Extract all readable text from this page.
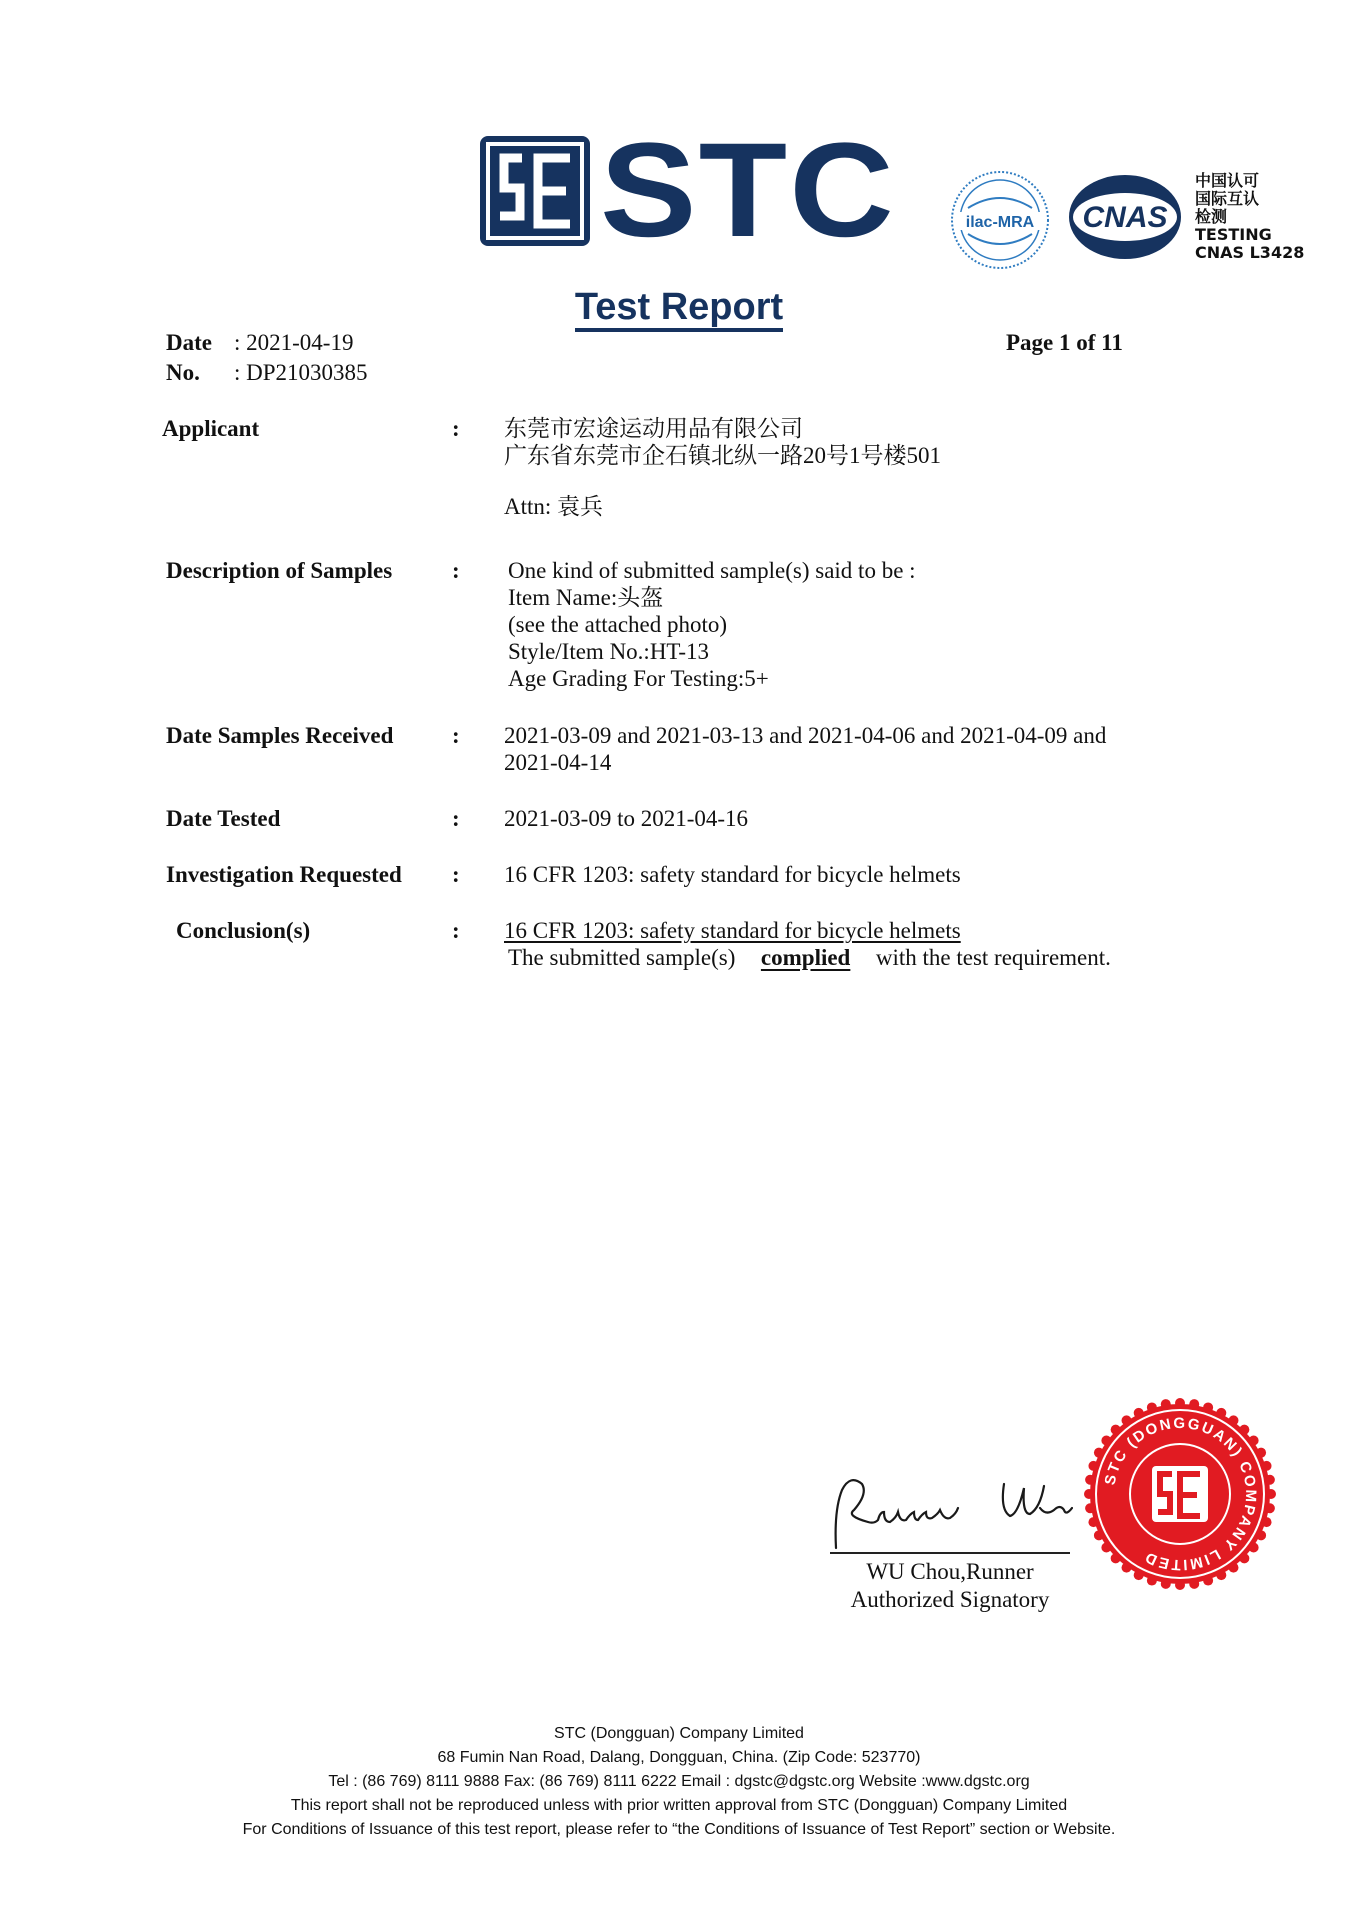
STC	ilac-MRA CNAS
中国认可
国际互认
检测
TESTING
CNAS L3428
Test Report
Date : 2021-04-19
No. : DP21030385
Page 1 of 11
Applicant	: 东莞市宏途运动用品有限公司
广东省东莞市企石镇北纵一路20号1号楼501
Attn: 袁兵
Description of Samples	: One kind of submitted sample(s) said to be :
Item Name:头盔
(see the attached photo)
Style/Item No.:HT-13
Age Grading For Testing:5+
Date Samples Received	: 2021-03-09 and 2021-03-13 and 2021-04-06 and 2021-04-09 and
2021-04-14
Date Tested	: 2021-03-09 to 2021-04-16
Investigation Requested : 16 CFR 1203: safety standard for bicycle helmets
Conclusion(s)	: 16 CFR 1203: safety standard for bicycle helmets
The submitted sample(s) complied with the test requirement.
WU Chou,Runner
Authorized Signatory
STC (DONGGUAN) COMPANY LIMITED
STC (Dongguan) Company Limited
68 Fumin Nan Road, Dalang, Dongguan, China. (Zip Code: 523770)
Tel : (86 769) 8111 9888 Fax: (86 769) 8111 6222 Email : dgstc@dgstc.org Website :www.dgstc.org
This report shall not be reproduced unless with prior written approval from STC (Dongguan) Company Limited
For Conditions of Issuance of this test report, please refer to “the Conditions of Issuance of Test Report” section or Website.
